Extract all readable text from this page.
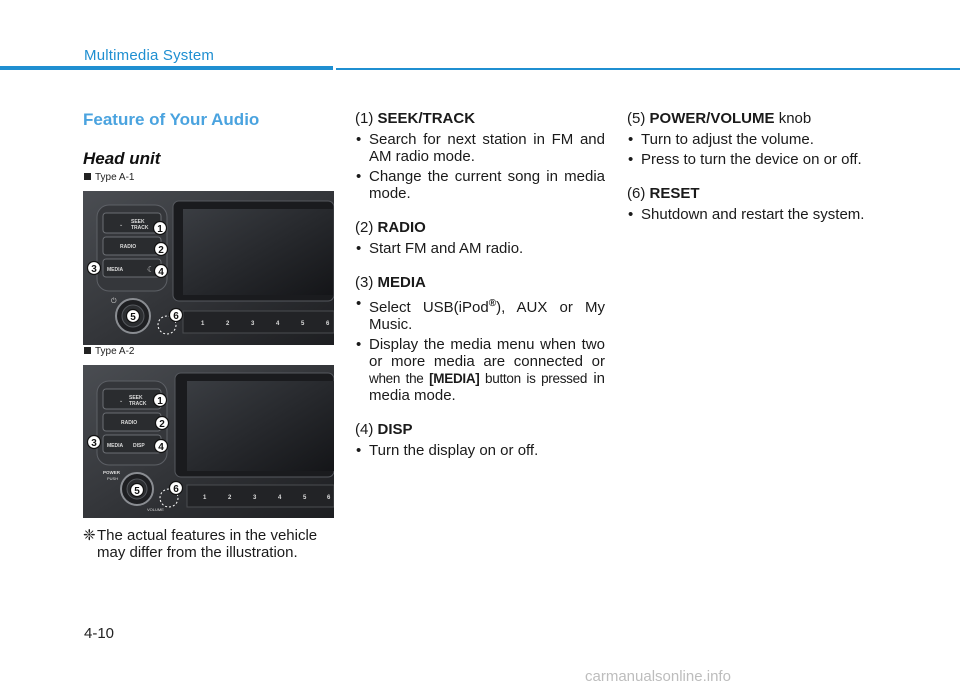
Multimedia System
Feature of Your Audio
Head unit
Type A-1
⌄ SEEK
TRACK
RADIO
MEDIA	☾
⏻
1	2	3	4	5	6
1
2
3	4
5	6
Type A-2
⌄ SEEK
TRACK
RADIO
MEDIA DISP
POWER
PUSH
VOLUME
1	2	3	4	5	6
1
2
3	4
5	6
❈The actual features in the vehicle
may differ from the illustration.
(1) SEEK/TRACK
• Search for next station in FM and AM radio mode.
• Change the current song in media mode.
(2) RADIO
• Start FM and AM radio.
(3) MEDIA
• Select USB(iPod®), AUX or My Music.
• Display the media menu when two or more media are connected or when the [MEDIA] button is pressed in media mode.
(4) DISP
• Turn the display on or off.
(5) POWER/VOLUME knob
• Turn to adjust the volume.
• Press to turn the device on or off.
(6) RESET
• Shutdown and restart the system.
4-10
carmanualsonline.info
